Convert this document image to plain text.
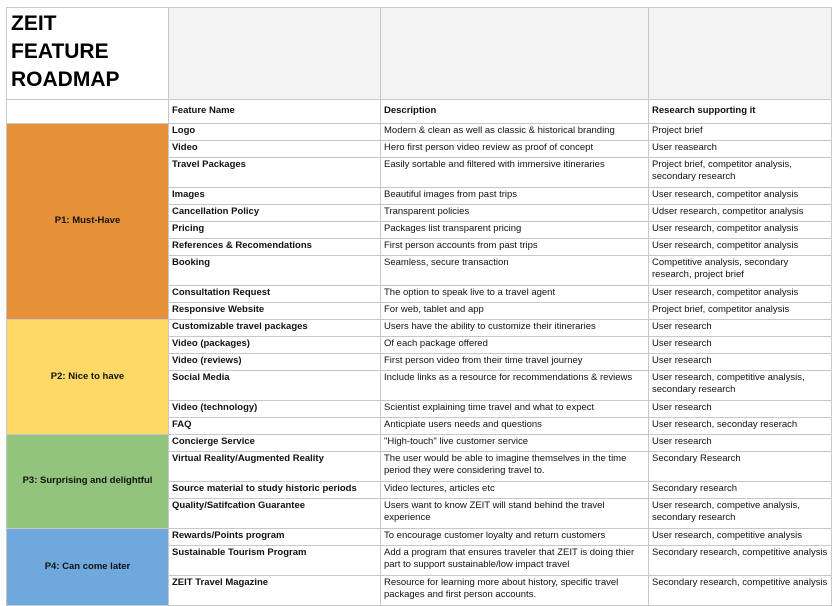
ZEIT
FEATURE
ROADMAP			
	Feature Name	Description	Research supporting it
P1: Must-Have	Logo	Modern & clean as well as classic & historical branding	Project brief
	Video	Hero first person video review as proof of concept	User reasearch
	Travel Packages	Easily sortable and filtered with immersive itineraries	Project brief, competitor analysis, secondary research
	Images	Beautiful images from past trips	User research, competitor analysis
	Cancellation Policy	Transparent policies	Udser research, competitor analysis
	Pricing	Packages list transparent pricing	User research, competitor analysis
	References & Recomendations	First person accounts from past trips	User research, competitor analysis
	Booking	Seamless, secure transaction	Competitive analysis, secondary research, project brief
	Consultation Request	The option to speak live to a travel agent	User research, competitor analysis
	Responsive Website	For web, tablet and app	Project brief, competitor analysis
P2: Nice to have	Customizable travel packages	Users have the ability to customize their itineraries	User research
	Video (packages)	Of each package offered	User research
	Video (reviews)	First person video from their time travel journey	User research
	Social Media	Include links as a resource for recommendations & reviews	User research, competitive analysis, secondary research
	Video (technology)	Scientist explaining time travel and what to expect	User research
	FAQ	Anticpiate users needs and questions	User research, seconday reserach
P3: Surprising and delightful	Concierge Service	"High-touch" live customer service	User research
	Virtual Reality/Augmented Reality	The user would be able to imagine themselves in the time period they were considering travel to.	Secondary Research
	Source material to study historic periods	Video lectures, articles etc	Secondary research
	Quality/Satifcation Guarantee	Users want to know ZEIT will stand behind the travel experience	User research, competive analysis, secondary research
P4: Can come later	Rewards/Points program	To encourage customer loyalty and return customers	User research, competitive analysis
	Sustainable Tourism Program	Add a program that ensures traveler that ZEIT is doing thier part to support sustainable/low impact travel	Secondary research, competitive analysis
	ZEIT Travel Magazine	Resource for learning more about history, specific travel packages and first person accounts.	Secondary research, competitive analysis
